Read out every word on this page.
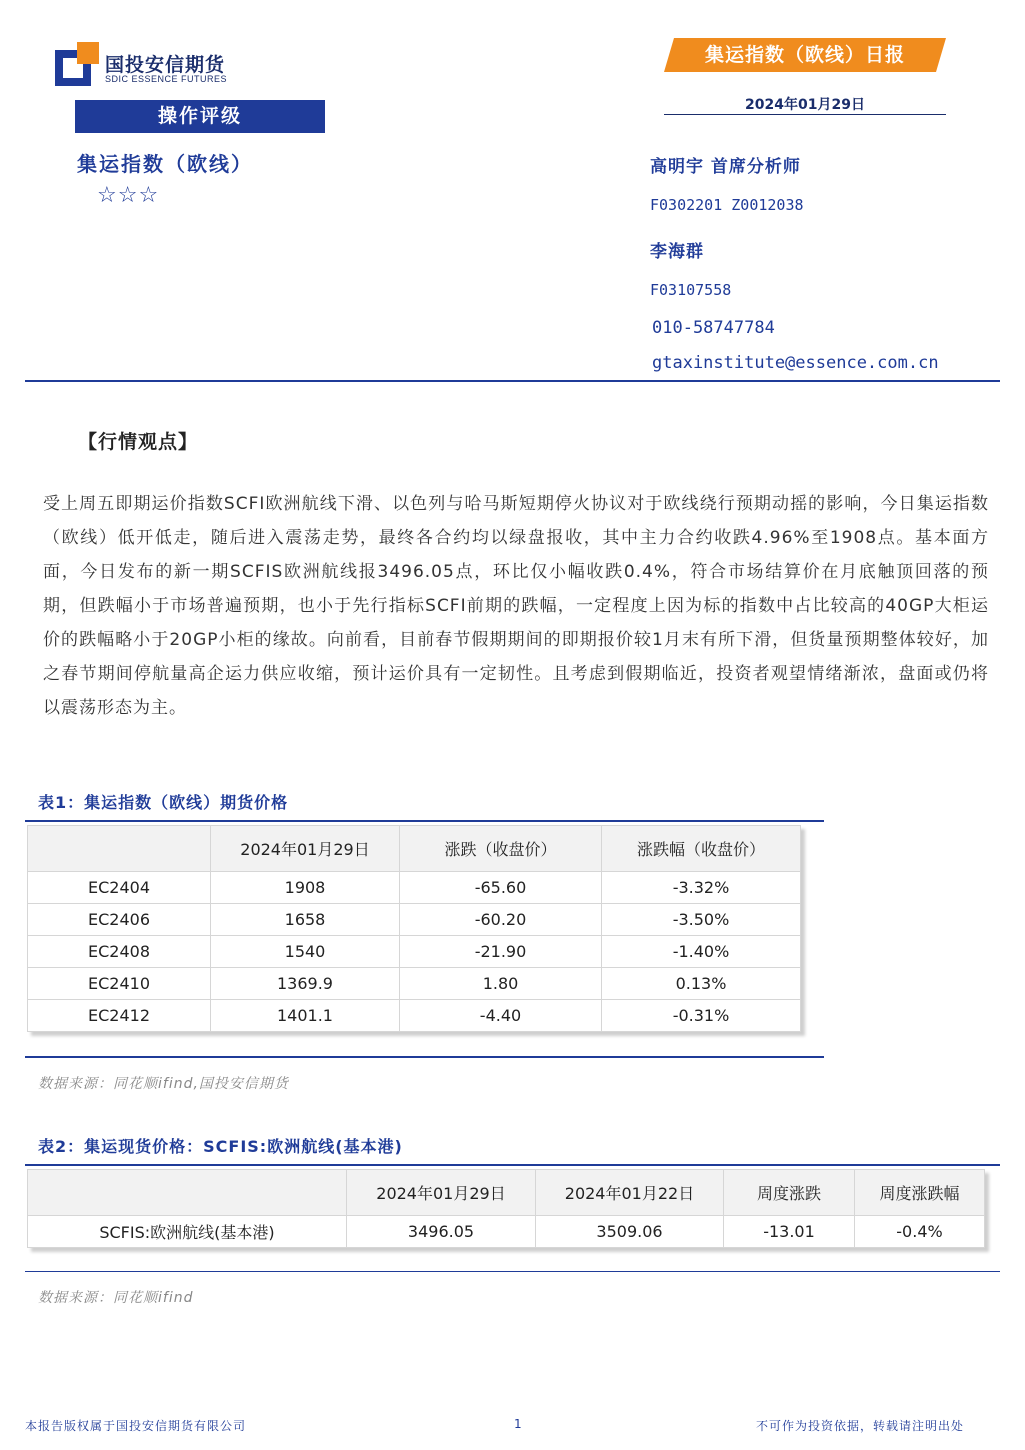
国投安信期货
SDIC ESSENCE FUTURES
集运指数（欧线）日报
2024年01月29日
操作评级
集运指数（欧线）
☆☆☆
高明宇 首席分析师
F0302201 Z0012038
李海群
F03107558
010-58747784
gtaxinstitute@essence.com.cn
【行情观点】
受上周五即期运价指数SCFI欧洲航线下滑、以色列与哈马斯短期停火协议对于欧线绕行预期动摇的影响，今日集运指数（欧线）低开低走，随后进入震荡走势，最终各合约均以绿盘报收，其中主力合约收跌4.96%至1908点。基本面方面，今日发布的新一期SCFIS欧洲航线报3496.05点，环比仅小幅收跌0.4%，符合市场结算价在月底触顶回落的预期，但跌幅小于市场普遍预期，也小于先行指标SCFI前期的跌幅，一定程度上因为标的指数中占比较高的40GP大柜运价的跌幅略小于20GP小柜的缘故。向前看，目前春节假期期间的即期报价较1月末有所下滑，但货量预期整体较好，加之春节期间停航量高企运力供应收缩，预计运价具有一定韧性。且考虑到假期临近，投资者观望情绪渐浓，盘面或仍将以震荡形态为主。
表1：集运指数（欧线）期货价格
	2024年01月29日	涨跌（收盘价）	涨跌幅（收盘价）
EC2404	1908	-65.60	-3.32%
EC2406	1658	-60.20	-3.50%
EC2408	1540	-21.90	-1.40%
EC2410	1369.9	1.80	0.13%
EC2412	1401.1	-4.40	-0.31%
数据来源：同花顺ifind,国投安信期货
表2：集运现货价格：SCFIS:欧洲航线(基本港)
	2024年01月29日	2024年01月22日	周度涨跌	周度涨跌幅
SCFIS:欧洲航线(基本港)	3496.05	3509.06	-13.01	-0.4%
数据来源：同花顺ifind
本报告版权属于国投安信期货有限公司	1	不可作为投资依据，转载请注明出处
